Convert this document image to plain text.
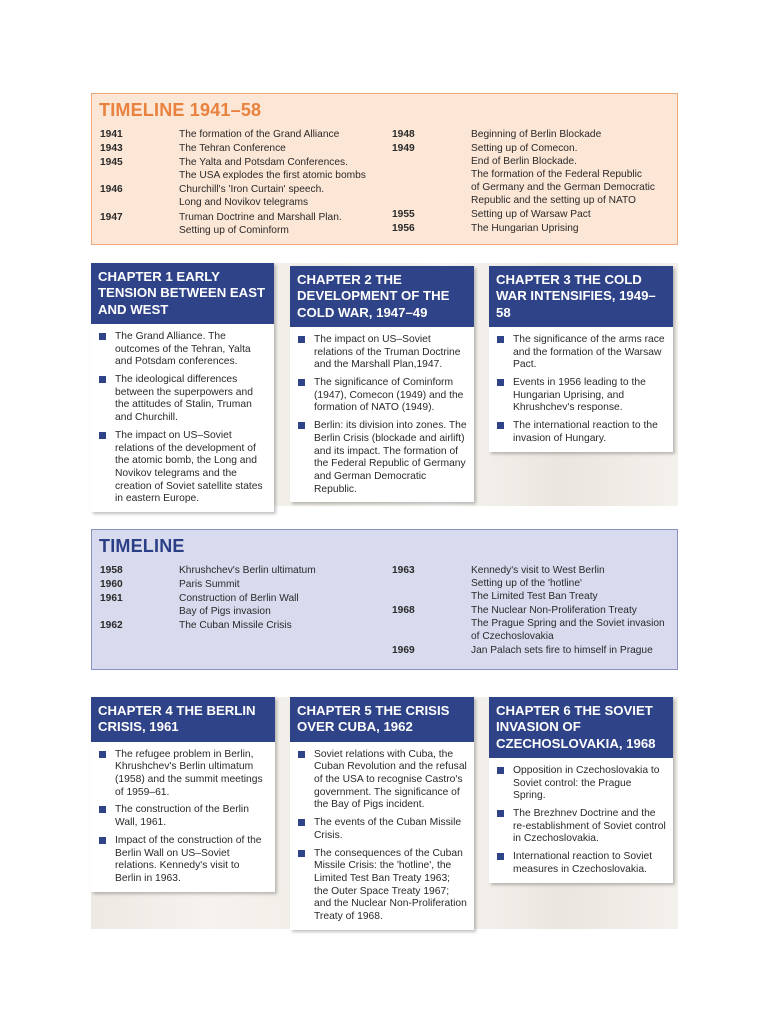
TIMELINE 1941–58
1941	The formation of the Grand Alliance
1943	The Tehran Conference
1945	The Yalta and Potsdam Conferences.
The USA explodes the first atomic bombs
1946	Churchill's 'Iron Curtain' speech.
Long and Novikov telegrams
1947	Truman Doctrine and Marshall Plan.
Setting up of Cominform
1948	Beginning of Berlin Blockade
1949	Setting up of Comecon.
End of Berlin Blockade.
The formation of the Federal Republic
of Germany and the German Democratic
Republic and the setting up of NATO
1955	Setting up of Warsaw Pact
1956	The Hungarian Uprising
CHAPTER 1 EARLY TENSION BETWEEN EAST AND WEST
The Grand Alliance. The outcomes of the Tehran, Yalta and Potsdam conferences.
The ideological differences between the superpowers and the attitudes of Stalin, Truman and Churchill.
The impact on US–Soviet relations of the development of the atomic bomb, the Long and Novikov telegrams and the creation of Soviet satellite states in eastern Europe.
CHAPTER 2 THE DEVELOPMENT OF THE COLD WAR, 1947–49
The impact on US–Soviet relations of the Truman Doctrine and the Marshall Plan,1947.
The significance of Cominform (1947), Comecon (1949) and the formation of NATO (1949).
Berlin: its division into zones. The Berlin Crisis (blockade and airlift) and its impact. The formation of the Federal Republic of Germany and German Democratic Republic.
CHAPTER 3 THE COLD WAR INTENSIFIES, 1949–58
The significance of the arms race and the formation of the Warsaw Pact.
Events in 1956 leading to the Hungarian Uprising, and Khrushchev's response.
The international reaction to the invasion of Hungary.
TIMELINE
1958	Khrushchev's Berlin ultimatum
1960	Paris Summit
1961	Construction of Berlin Wall
Bay of Pigs invasion
1962	The Cuban Missile Crisis
1963	Kennedy's visit to West Berlin
Setting up of the 'hotline'
The Limited Test Ban Treaty
1968	The Nuclear Non-Proliferation Treaty
The Prague Spring and the Soviet invasion
of Czechoslovakia
1969	Jan Palach sets fire to himself in Prague
CHAPTER 4 THE BERLIN CRISIS, 1961
The refugee problem in Berlin, Khrushchev's Berlin ultimatum (1958) and the summit meetings of 1959–61.
The construction of the Berlin Wall, 1961.
Impact of the construction of the Berlin Wall on US–Soviet relations. Kennedy's visit to Berlin in 1963.
CHAPTER 5 THE CRISIS OVER CUBA, 1962
Soviet relations with Cuba, the Cuban Revolution and the refusal of the USA to recognise Castro's government. The significance of the Bay of Pigs incident.
The events of the Cuban Missile Crisis.
The consequences of the Cuban Missile Crisis: the 'hotline', the Limited Test Ban Treaty 1963; the Outer Space Treaty 1967; and the Nuclear Non-Proliferation Treaty of 1968.
CHAPTER 6 THE SOVIET INVASION OF CZECHOSLOVAKIA, 1968
Opposition in Czechoslovakia to Soviet control: the Prague Spring.
The Brezhnev Doctrine and the re-establishment of Soviet control in Czechoslovakia.
International reaction to Soviet measures in Czechoslovakia.
